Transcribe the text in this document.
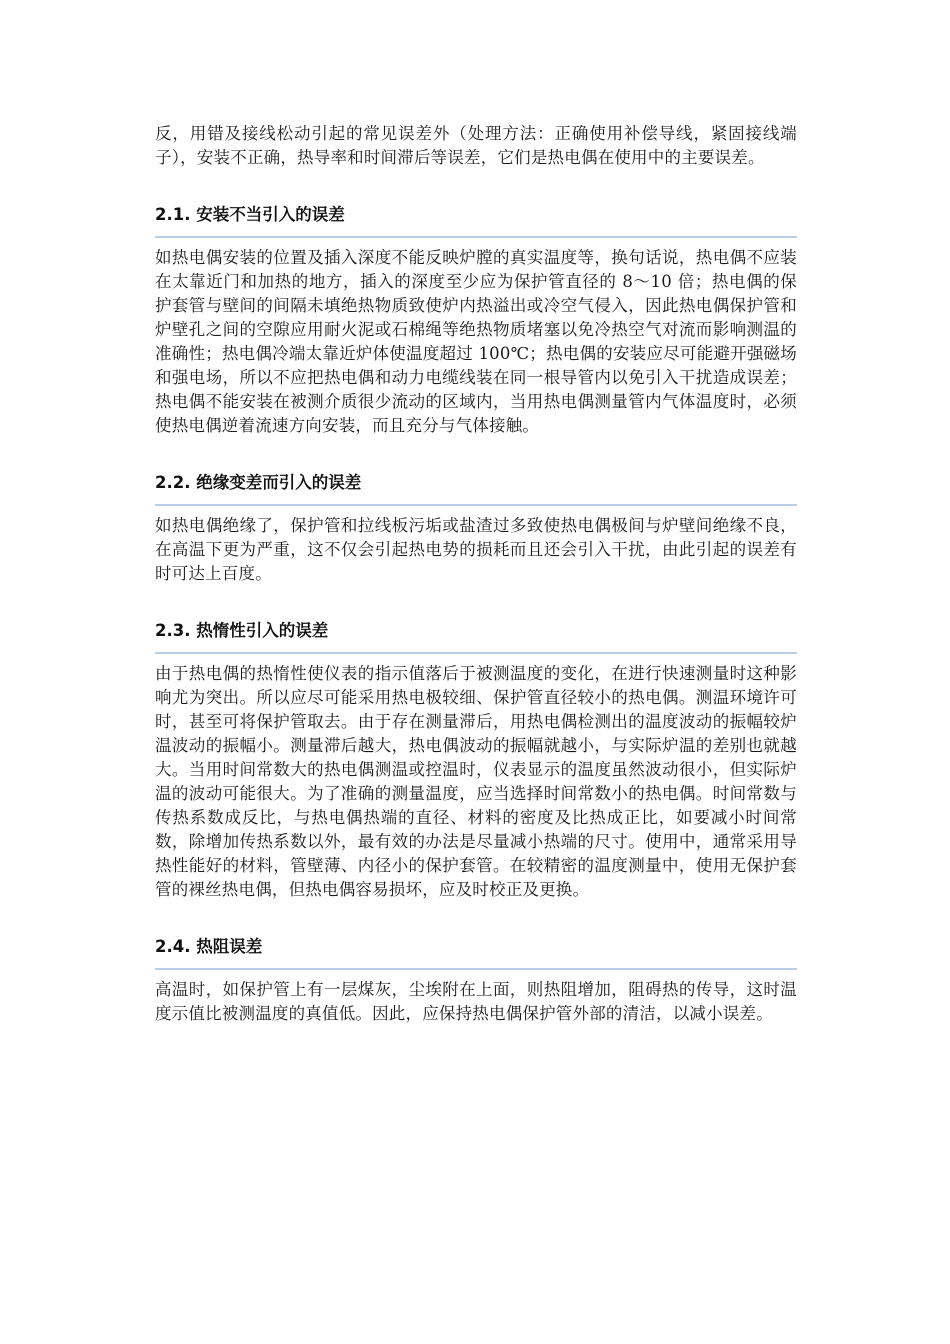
反，用错及接线松动引起的常见误差外（处理方法：正确使用补偿导线，紧固接线端子），安装不正确，热导率和时间滞后等误差，它们是热电偶在使用中的主要误差。

2.1. 安装不当引入的误差

如热电偶安装的位置及插入深度不能反映炉膛的真实温度等，换句话说，热电偶不应装在太靠近门和加热的地方，插入的深度至少应为保护管直径的 8～10 倍；热电偶的保护套管与壁间的间隔未填绝热物质致使炉内热溢出或冷空气侵入，因此热电偶保护管和炉壁孔之间的空隙应用耐火泥或石棉绳等绝热物质堵塞以免冷热空气对流而影响测温的准确性；热电偶冷端太靠近炉体使温度超过 100℃；热电偶的安装应尽可能避开强磁场和强电场，所以不应把热电偶和动力电缆线装在同一根导管内以免引入干扰造成误差；热电偶不能安装在被测介质很少流动的区域内，当用热电偶测量管内气体温度时，必须使热电偶逆着流速方向安装，而且充分与气体接触。

2.2. 绝缘变差而引入的误差

如热电偶绝缘了，保护管和拉线板污垢或盐渣过多致使热电偶极间与炉壁间绝缘不良，在高温下更为严重，这不仅会引起热电势的损耗而且还会引入干扰，由此引起的误差有时可达上百度。

2.3. 热惰性引入的误差

由于热电偶的热惰性使仪表的指示值落后于被测温度的变化，在进行快速测量时这种影响尤为突出。所以应尽可能采用热电极较细、保护管直径较小的热电偶。测温环境许可时，甚至可将保护管取去。由于存在测量滞后，用热电偶检测出的温度波动的振幅较炉温波动的振幅小。测量滞后越大，热电偶波动的振幅就越小，与实际炉温的差别也就越大。当用时间常数大的热电偶测温或控温时，仪表显示的温度虽然波动很小，但实际炉温的波动可能很大。为了准确的测量温度，应当选择时间常数小的热电偶。时间常数与传热系数成反比，与热电偶热端的直径、材料的密度及比热成正比，如要减小时间常数，除增加传热系数以外，最有效的办法是尽量减小热端的尺寸。使用中，通常采用导热性能好的材料，管壁薄、内径小的保护套管。在较精密的温度测量中，使用无保护套管的裸丝热电偶，但热电偶容易损坏，应及时校正及更换。

2.4. 热阻误差

高温时，如保护管上有一层煤灰，尘埃附在上面，则热阻增加，阻碍热的传导，这时温度示值比被测温度的真值低。因此，应保持热电偶保护管外部的清洁，以减小误差。
